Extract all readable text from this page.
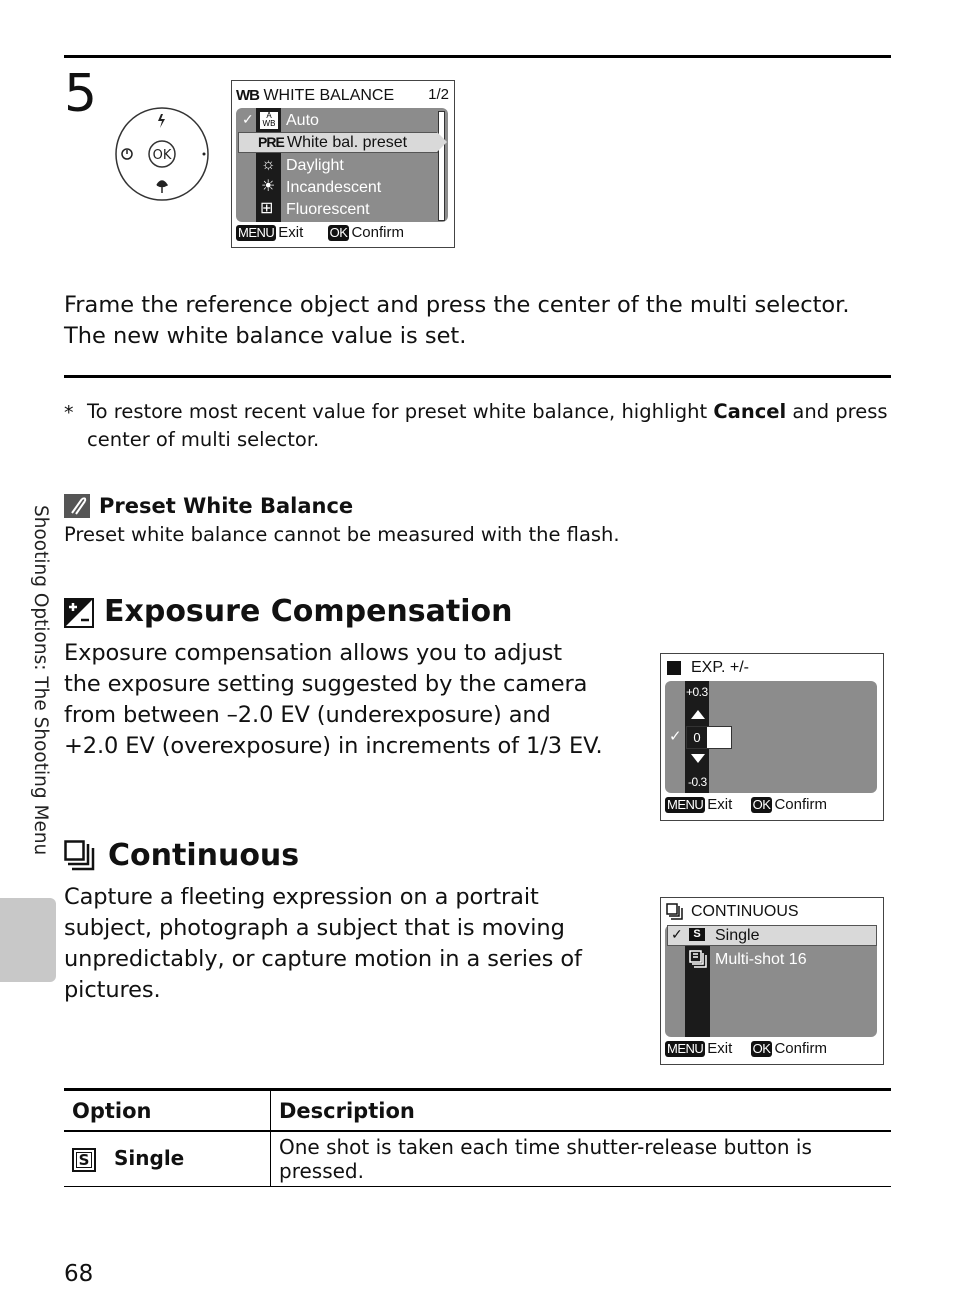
5
OK
WB WHITE BALANCE 1/2
✓	A
WB Auto
PRE White bal. preset
☼ Daylight
☀ Incandescent
⊞ Fluorescent
MENU Exit OK Confirm
Frame the reference object and press the center of the multi selector.
The new white balance value is set.
* To restore most recent value for preset white balance, highlight Cancel and press center of multi selector.
Shooting Options: The Shooting Menu Preset White Balance
Preset white balance cannot be measured with the flash.
Exposure Compensation
Exposure compensation allows you to adjust the exposure setting suggested by the camera from between –2.0 EV (underexposure) and +2.0 EV (overexposure) in increments of 1/3 EV.
EXP. +/-
+0.3
0
✓
-0.3
MENU Exit OK Confirm
Continuous
Capture a fleeting expression on a portrait subject, photograph a subject that is moving unpredictably, or capture motion in a series of pictures.
CONTINUOUS
✓ S Single
Multi-shot 16
MENU Exit OK Confirm
Option	Description
S Single	One shot is taken each time shutter-release button is pressed.
68
